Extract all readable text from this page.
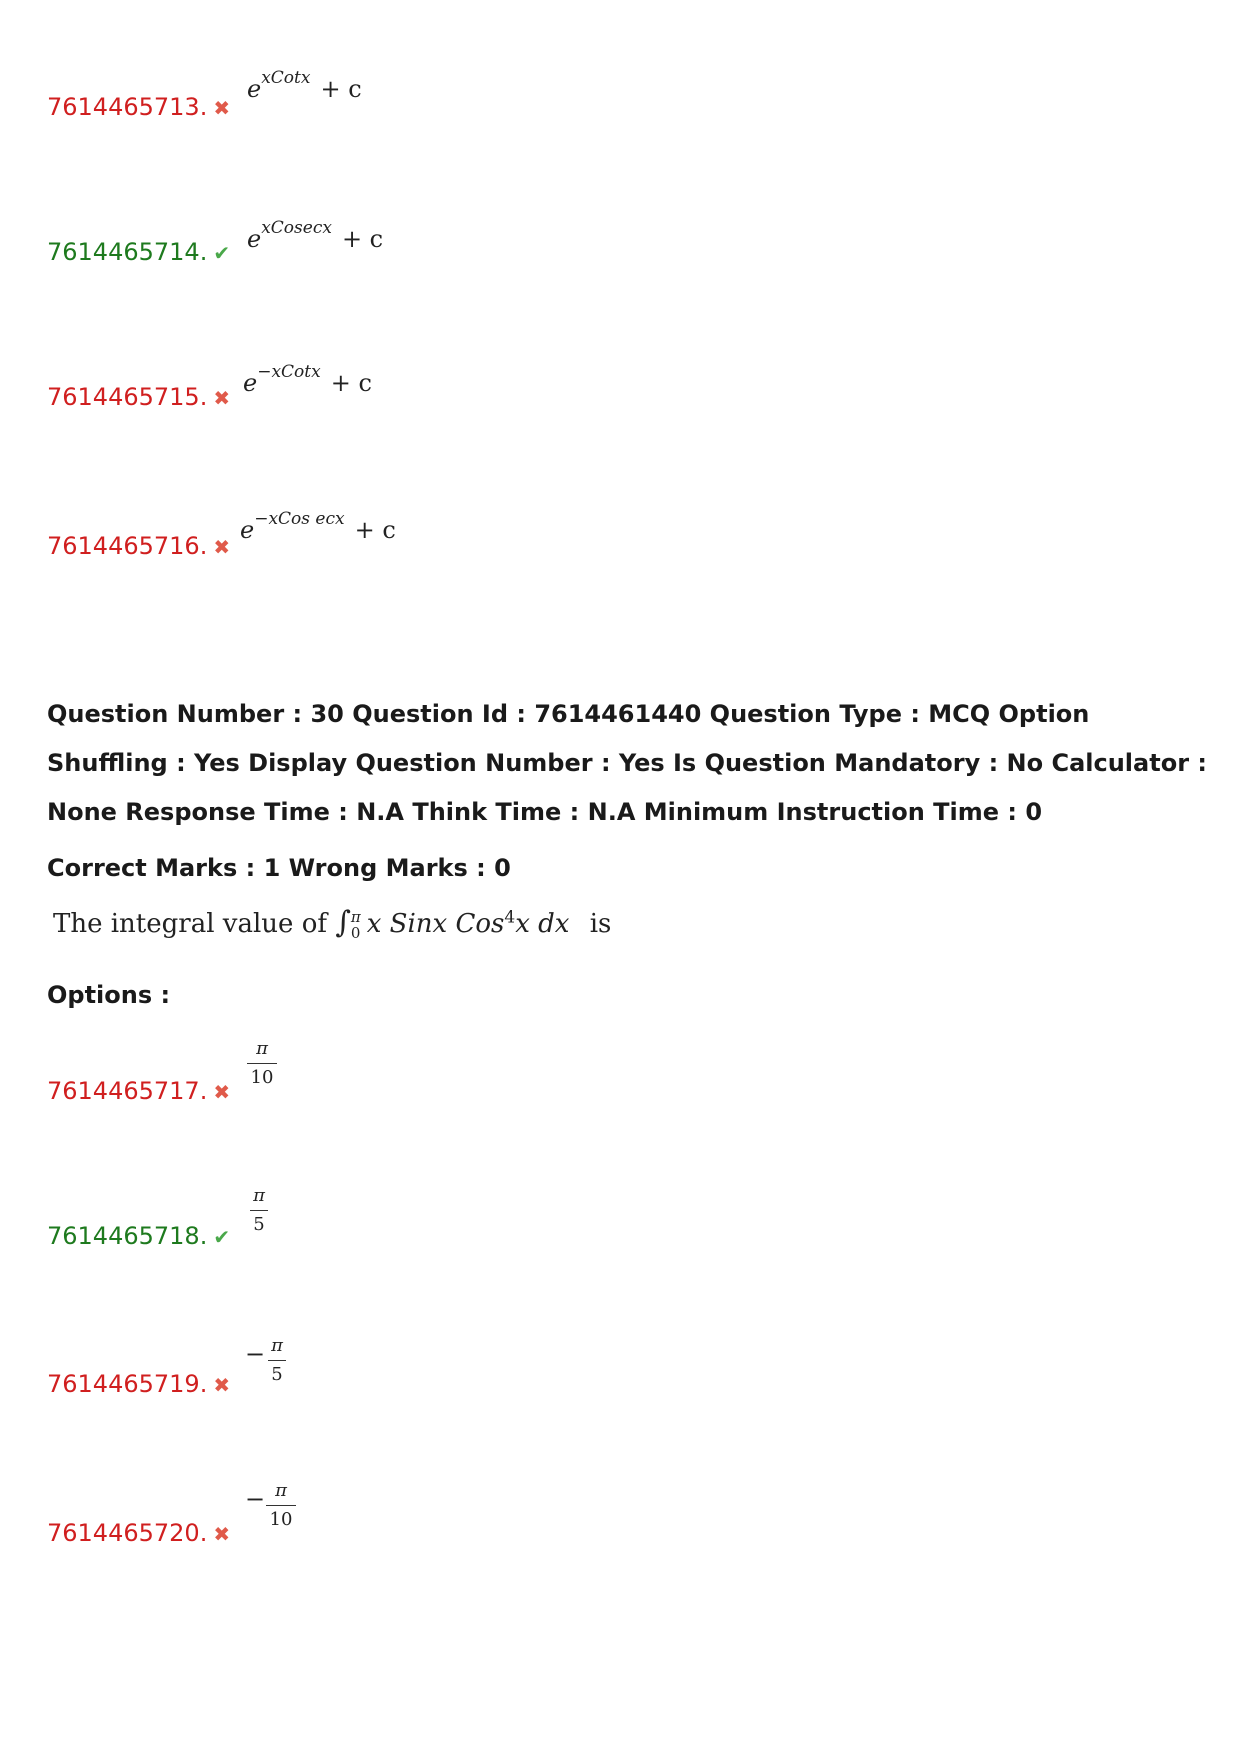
7614465713. ✖
$e^{xCotx} + c$
7614465714. ✔ $e^{xCosecx} + c$
7614465715. ✖
$e^{-xCotx} + c$
7614465716. ✖
$e^{-xCos ecx} + c$
Question Number : 30 Question Id : 7614461440 Question Type : MCQ Option Shuffling : Yes Display Question Number : Yes Is Question Mandatory : No Calculator : None Response Time : N.A Think Time : N.A Minimum Instruction Time : 0
Correct Marks : 1 Wrong Marks : 0
The integral value of ∫π
0 x Sinx Cos$^4$x dx is
Options :
7614465717. ✖
π
10
7614465718. ✔
π
5
7614465719. ✖
− π
5
7614465720. ✖
− π
10
